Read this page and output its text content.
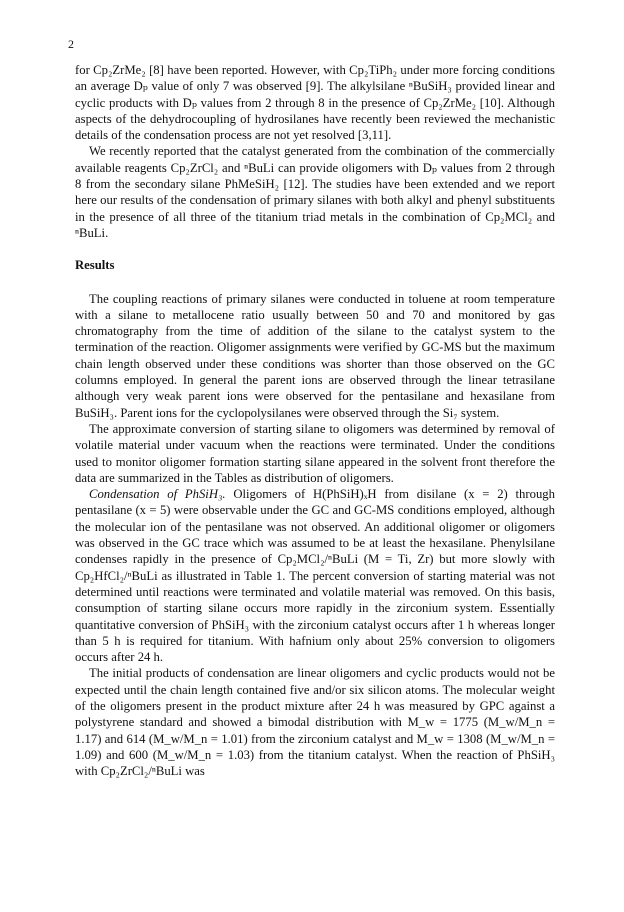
2

for Cp₂ZrMe₂ [8] have been reported. However, with Cp₂TiPh₂ under more forcing conditions an average Dₚ value of only 7 was observed [9]. The alkylsilane ⁿBuSiH₃ provided linear and cyclic products with Dₚ values from 2 through 8 in the presence of Cp₂ZrMe₂ [10]. Although aspects of the dehydrocoupling of hydrosilanes have recently been reviewed the mechanistic details of the condensation process are not yet resolved [3,11].

We recently reported that the catalyst generated from the combination of the commercially available reagents Cp₂ZrCl₂ and ⁿBuLi can provide oligomers with Dₚ values from 2 through 8 from the secondary silane PhMeSiH₂ [12]. The studies have been extended and we report here our results of the condensation of primary silanes with both alkyl and phenyl substituents in the presence of all three of the titanium triad metals in the combination of Cp₂MCl₂ and ⁿBuLi.

Results

The coupling reactions of primary silanes were conducted in toluene at room temperature with a silane to metallocene ratio usually between 50 and 70 and monitored by gas chromatography from the time of addition of the silane to the catalyst system to the termination of the reaction. Oligomer assignments were verified by GC-MS but the maximum chain length observed under these conditions was shorter than those observed on the GC columns employed. In general the parent ions are observed through the linear tetrasilane although very weak parent ions were observed for the pentasilane and hexasilane from BuSiH₃. Parent ions for the cyclopolysilanes were observed through the Si₇ system.

The approximate conversion of starting silane to oligomers was determined by removal of volatile material under vacuum when the reactions were terminated. Under the conditions used to monitor oligomer formation starting silane appeared in the solvent front therefore the data are summarized in the Tables as distribution of oligomers.

Condensation of PhSiH₃. Oligomers of H(PhSiH)ₓH from disilane (x = 2) through pentasilane (x = 5) were observable under the GC and GC-MS conditions employed, although the molecular ion of the pentasilane was not observed. An additional oligomer or oligomers was observed in the GC trace which was assumed to be at least the hexasilane. Phenylsilane condenses rapidly in the presence of Cp₂MCl₂/ⁿBuLi (M = Ti, Zr) but more slowly with Cp₂HfCl₂/ⁿBuLi as illustrated in Table 1. The percent conversion of starting material was not determined until reactions were terminated and volatile material was removed. On this basis, consumption of starting silane occurs more rapidly in the zirconium system. Essentially quantitative conversion of PhSiH₃ with the zirconium catalyst occurs after 1 h whereas longer than 5 h is required for titanium. With hafnium only about 25% conversion to oligomers occurs after 24 h.

The initial products of condensation are linear oligomers and cyclic products would not be expected until the chain length contained five and/or six silicon atoms. The molecular weight of the oligomers present in the product mixture after 24 h was measured by GPC against a polystyrene standard and showed a bimodal distribution with M_w = 1775 (M_w/M_n = 1.17) and 614 (M_w/M_n = 1.01) from the zirconium catalyst and M_w = 1308 (M_w/M_n = 1.09) and 600 (M_w/M_n = 1.03) from the titanium catalyst. When the reaction of PhSiH₃ with Cp₂ZrCl₂/ⁿBuLi was
